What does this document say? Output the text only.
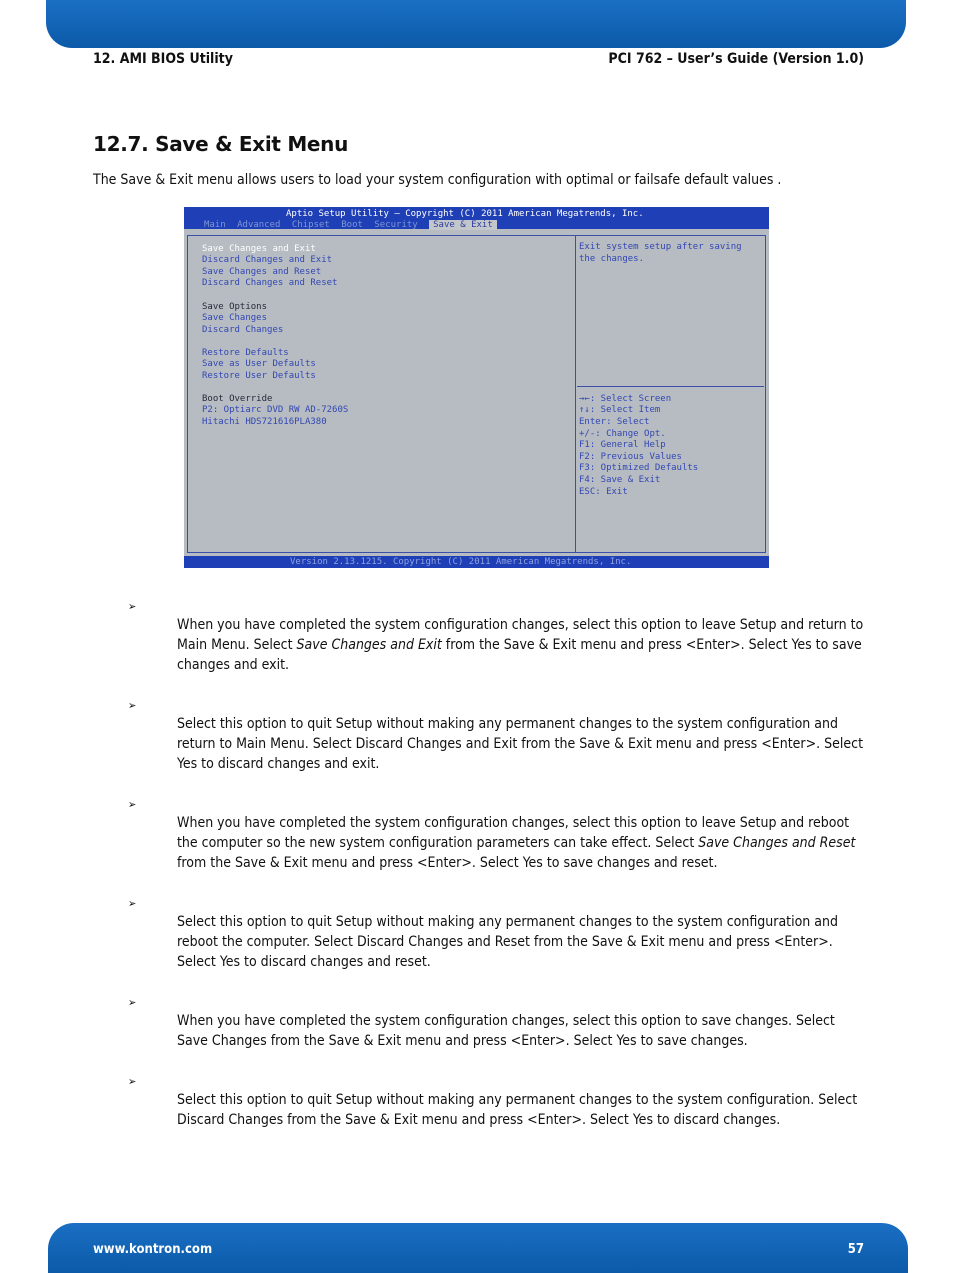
12. AMI BIOS Utility	PCI 762 – User’s Guide (Version 1.0)
12.7. Save & Exit Menu
The Save & Exit menu allows users to load your system configuration with optimal or failsafe default values .
Aptio Setup Utility – Copyright (C) 2011 American Megatrends, Inc.
Main Advanced Chipset Boot Security Save & Exit
Save Changes and Exit
Discard Changes and Exit
Save Changes and Reset
Discard Changes and Reset
Save Options
Save Changes
Discard Changes
Restore Defaults
Save as User Defaults
Restore User Defaults
Boot Override
P2: Optiarc DVD RW AD-7260S
Hitachi HDS721616PLA380
Exit system setup after saving
the changes.
→←: Select Screen
↑↓: Select Item
Enter: Select
+/-: Change Opt.
F1: General Help
F2: Previous Values
F3: Optimized Defaults
F4: Save & Exit
ESC: Exit
Version 2.13.1215. Copyright (C) 2011 American Megatrends, Inc.
➢

When you have completed the system configuration changes, select this option to leave Setup and return to Main Menu. Select Save Changes and Exit from the Save & Exit menu and press <Enter>. Select Yes to save changes and exit.

➢

Select this option to quit Setup without making any permanent changes to the system configuration and return to Main Menu. Select Discard Changes and Exit from the Save & Exit menu and press <Enter>. Select Yes to discard changes and exit.

➢

When you have completed the system configuration changes, select this option to leave Setup and reboot the computer so the new system configuration parameters can take effect. Select Save Changes and Reset from the Save & Exit menu and press <Enter>. Select Yes to save changes and reset.

➢

Select this option to quit Setup without making any permanent changes to the system configuration and reboot the computer. Select Discard Changes and Reset from the Save & Exit menu and press <Enter>. Select Yes to discard changes and reset.

➢

When you have completed the system configuration changes, select this option to save changes. Select Save Changes from the Save & Exit menu and press <Enter>. Select Yes to save changes.

➢

Select this option to quit Setup without making any permanent changes to the system configuration. Select Discard Changes from the Save & Exit menu and press <Enter>. Select Yes to discard changes.

www.kontron.com	57
